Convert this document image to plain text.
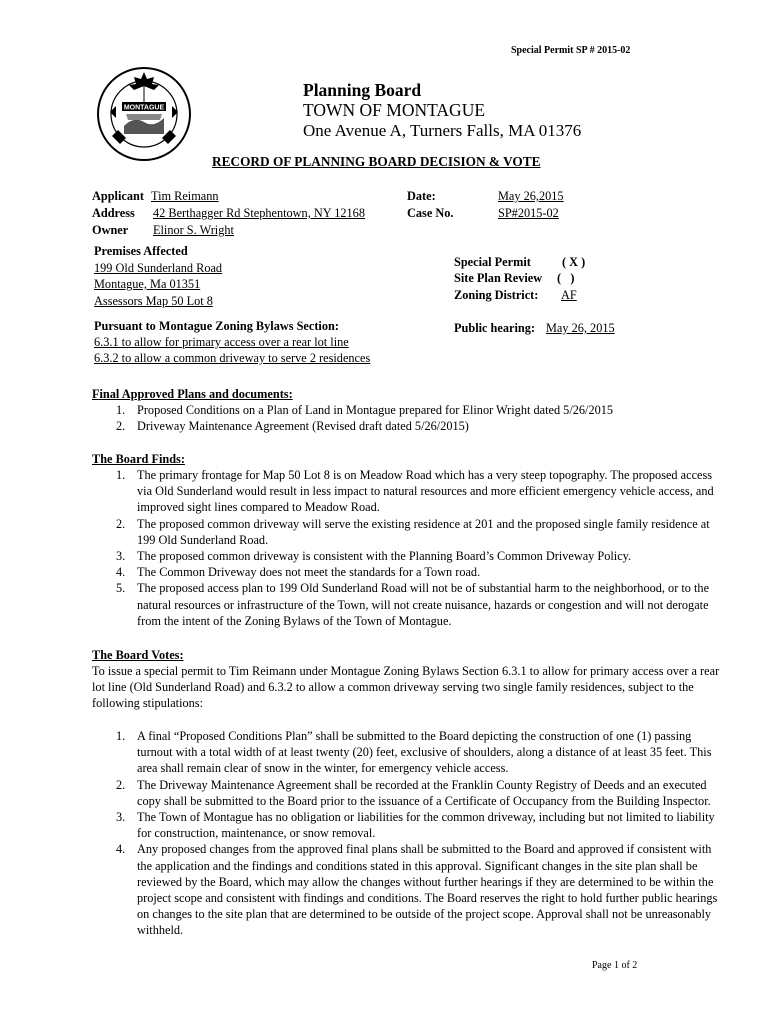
Special Permit SP # 2015-02
MONTAGUE
Planning Board
TOWN OF MONTAGUE
One Avenue A, Turners Falls, MA 01376
RECORD OF PLANNING BOARD DECISION & VOTE
Applicant Tim Reimann
Address 42 Berthagger Rd Stephentown, NY 12168
Owner Elinor S. Wright
Date:	May 26,2015
Case No.	SP#2015-02
Premises Affected
199 Old Sunderland Road
Montague, Ma 01351
Assessors Map 50 Lot 8
Special Permit	( X )
Site Plan Review (   )
Zoning District: AF
Pursuant to Montague Zoning Bylaws Section:
6.3.1 to allow for primary access over a rear lot line
6.3.2 to allow a common driveway to serve 2 residences
Public hearing: May 26, 2015
Final Approved Plans and documents:
1. Proposed Conditions on a Plan of Land in Montague prepared for Elinor Wright dated 5/26/2015
2. Driveway Maintenance Agreement (Revised draft dated 5/26/2015)
The Board Finds:
1. The primary frontage for Map 50 Lot 8 is on Meadow Road which has a very steep topography. The proposed access via Old Sunderland would result in less impact to natural resources and more efficient emergency vehicle access, and improved sight lines compared to Meadow Road.
2. The proposed common driveway will serve the existing residence at 201 and the proposed single family residence at 199 Old Sunderland Road.
3. The proposed common driveway is consistent with the Planning Board’s Common Driveway Policy.
4. The Common Driveway does not meet the standards for a Town road.
5. The proposed access plan to 199 Old Sunderland Road will not be of substantial harm to the neighborhood, or to the natural resources or infrastructure of the Town, will not create nuisance, hazards or congestion and will not derogate from the intent of the Zoning Bylaws of the Town of Montague.
The Board Votes:
To issue a special permit to Tim Reimann under Montague Zoning Bylaws Section 6.3.1 to allow for primary access over a rear lot line (Old Sunderland Road) and 6.3.2 to allow a common driveway serving two single family residences, subject to the following stipulations:
1. A final “Proposed Conditions Plan” shall be submitted to the Board depicting the construction of one (1) passing turnout with a total width of at least twenty (20) feet, exclusive of shoulders, along a distance of at least 35 feet. This area shall remain clear of snow in the winter, for emergency vehicle access.
2. The Driveway Maintenance Agreement shall be recorded at the Franklin County Registry of Deeds and an executed copy shall be submitted to the Board prior to the issuance of a Certificate of Occupancy from the Building Inspector.
3. The Town of Montague has no obligation or liabilities for the common driveway, including but not limited to liability for construction, maintenance, or snow removal.
4. Any proposed changes from the approved final plans shall be submitted to the Board and approved if consistent with the application and the findings and conditions stated in this approval. Significant changes in the site plan shall be reviewed by the Board, which may allow the changes without further hearings if they are determined to be within the project scope and consistent with findings and conditions. The Board reserves the right to hold further public hearings on changes to the site plan that are determined to be outside of the project scope. Approval shall not be unreasonably withheld.
Page 1 of 2
